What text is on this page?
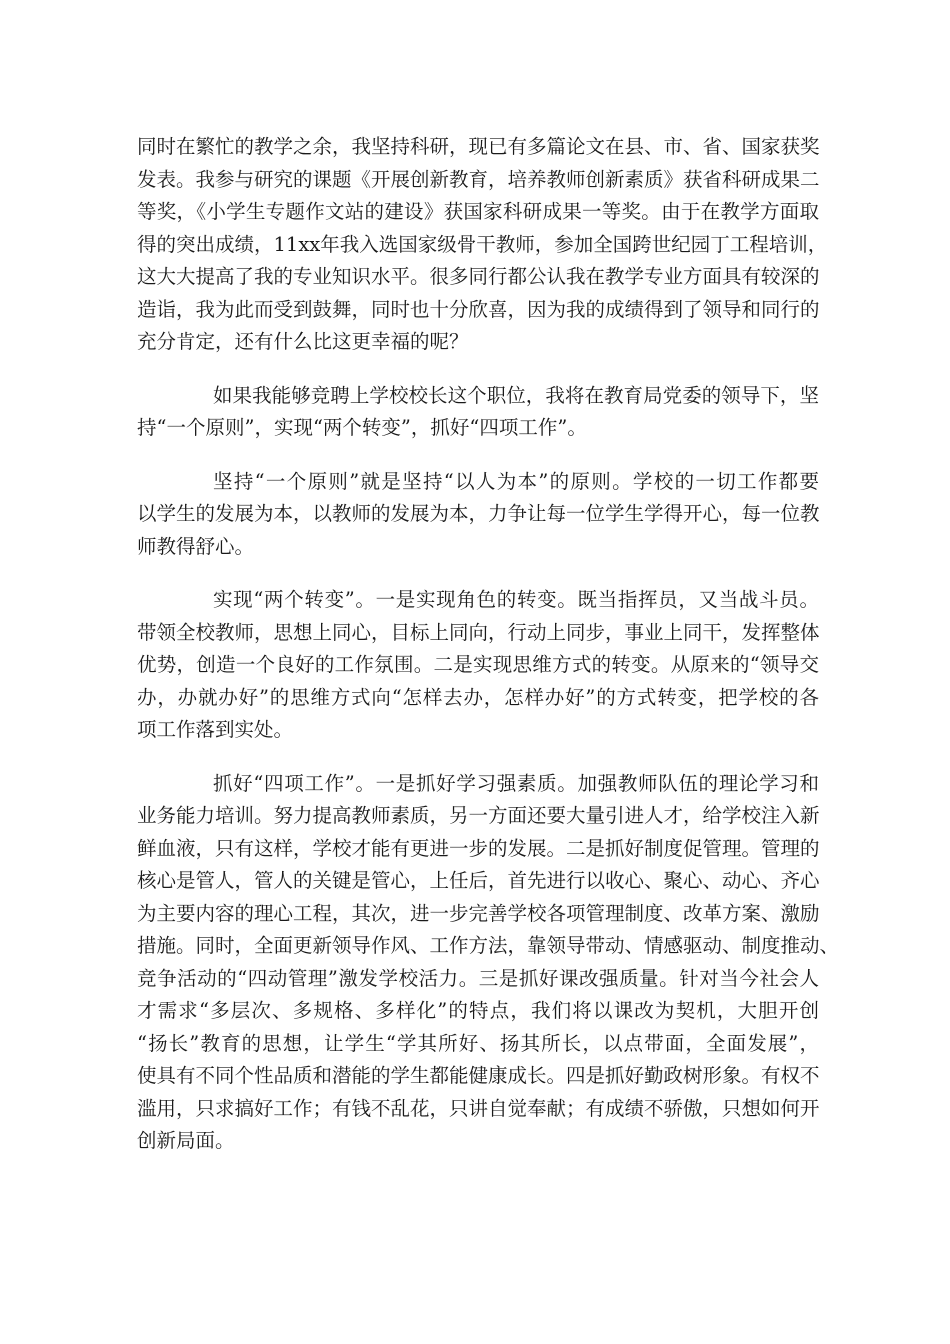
同时在繁忙的教学之余，我坚持科研，现已有多篇论文在县、市、省、国家获奖
发表。我参与研究的课题《开展创新教育，培养教师创新素质》获省科研成果二
等奖，《小学生专题作文站的建设》获国家科研成果一等奖。由于在教学方面取
得的突出成绩，11xx年我入选国家级骨干教师，参加全国跨世纪园丁工程培训，
这大大提高了我的专业知识水平。很多同行都公认我在教学专业方面具有较深的
造诣，我为此而受到鼓舞，同时也十分欣喜，因为我的成绩得到了领导和同行的
充分肯定，还有什么比这更幸福的呢？
如果我能够竞聘上学校校长这个职位，我将在教育局党委的领导下，坚
持“一个原则”，实现“两个转变”，抓好“四项工作”。
坚持“一个原则”就是坚持“以人为本”的原则。学校的一切工作都要
以学生的发展为本，以教师的发展为本，力争让每一位学生学得开心，每一位教
师教得舒心。
实现“两个转变”。一是实现角色的转变。既当指挥员，又当战斗员。
带领全校教师，思想上同心，目标上同向，行动上同步，事业上同干，发挥整体
优势，创造一个良好的工作氛围。二是实现思维方式的转变。从原来的“领导交
办，办就办好”的思维方式向“怎样去办，怎样办好”的方式转变，把学校的各
项工作落到实处。
抓好“四项工作”。一是抓好学习强素质。加强教师队伍的理论学习和
业务能力培训。努力提高教师素质，另一方面还要大量引进人才，给学校注入新
鲜血液，只有这样，学校才能有更进一步的发展。二是抓好制度促管理。管理的
核心是管人，管人的关键是管心，上任后，首先进行以收心、聚心、动心、齐心
为主要内容的理心工程，其次，进一步完善学校各项管理制度、改革方案、激励
措施。同时，全面更新领导作风、工作方法，靠领导带动、情感驱动、制度推动、
竞争活动的“四动管理”激发学校活力。三是抓好课改强质量。针对当今社会人
才需求“多层次、多规格、多样化”的特点，我们将以课改为契机，大胆开创
“扬长”教育的思想，让学生“学其所好、扬其所长，以点带面，全面发展”，
使具有不同个性品质和潜能的学生都能健康成长。四是抓好勤政树形象。有权不
滥用，只求搞好工作；有钱不乱花，只讲自觉奉献；有成绩不骄傲，只想如何开
创新局面。
